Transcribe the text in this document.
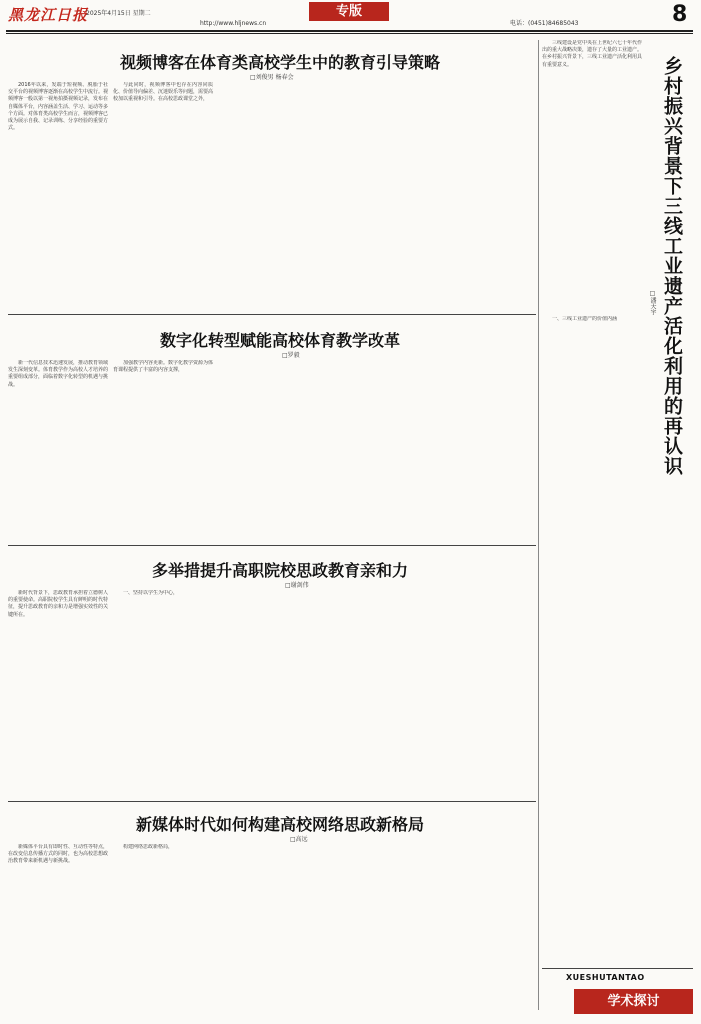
黑龙江日报
2025年4月15日 星期二
http://www.hljnews.cn
专版
电话：(0451)84685043	8
视频博客在体育类高校学生中的教育引导策略
□刘俊男 杨春会

2016年以来，发端于短视频、脱胎于社交平台的视频博客逐渐在高校学生中流行。视频博客一般以第一视角拍摄视频记录，发布在自媒体平台，内容涵盖生活、学习、运动等多个方面。对体育类高校学生而言，视频博客已成为展示自我、记录训练、分享经验的重要方式。

与此同时，视频博客中也存在内容同质化、价值导向偏差、沉迷娱乐等问题，需要高校加以重视和引导。在高校思政课堂之外，

数字化转型赋能高校体育教学改革
□罗毅

新一代信息技术迅速发展，推动教育领域发生深刻变革。体育教学作为高校人才培养的重要组成部分，面临着数字化转型的机遇与挑战。

加强教学内容更新。数字化教学资源为体育课程提供了丰富的内容支撑，

多举措提升高职院校思政教育亲和力
□谢剑伟

新时代背景下，思政教育承担着立德树人的重要使命。高职院校学生具有鲜明的时代特征，提升思政教育的亲和力是增强实效性的关键所在。

一、坚持以学生为中心，

新媒体时代如何构建高校网络思政新格局
□高远

新媒体平台具有即时性、互动性等特点，在改变信息传播方式的同时，也为高校思想政治教育带来新机遇与新挑战。

构建网络思政新格局，

三线建设是党中央在上世纪六七十年代作出的重大战略决策，遗存了大量的工业遗产。在乡村振兴背景下，三线工业遗产活化利用具有重要意义。	乡村振兴背景下三线工业遗产活化利用的再认识
□潘天宇

一、三线工业遗产的价值内涵

XUESHUTANTAO
学术探讨
